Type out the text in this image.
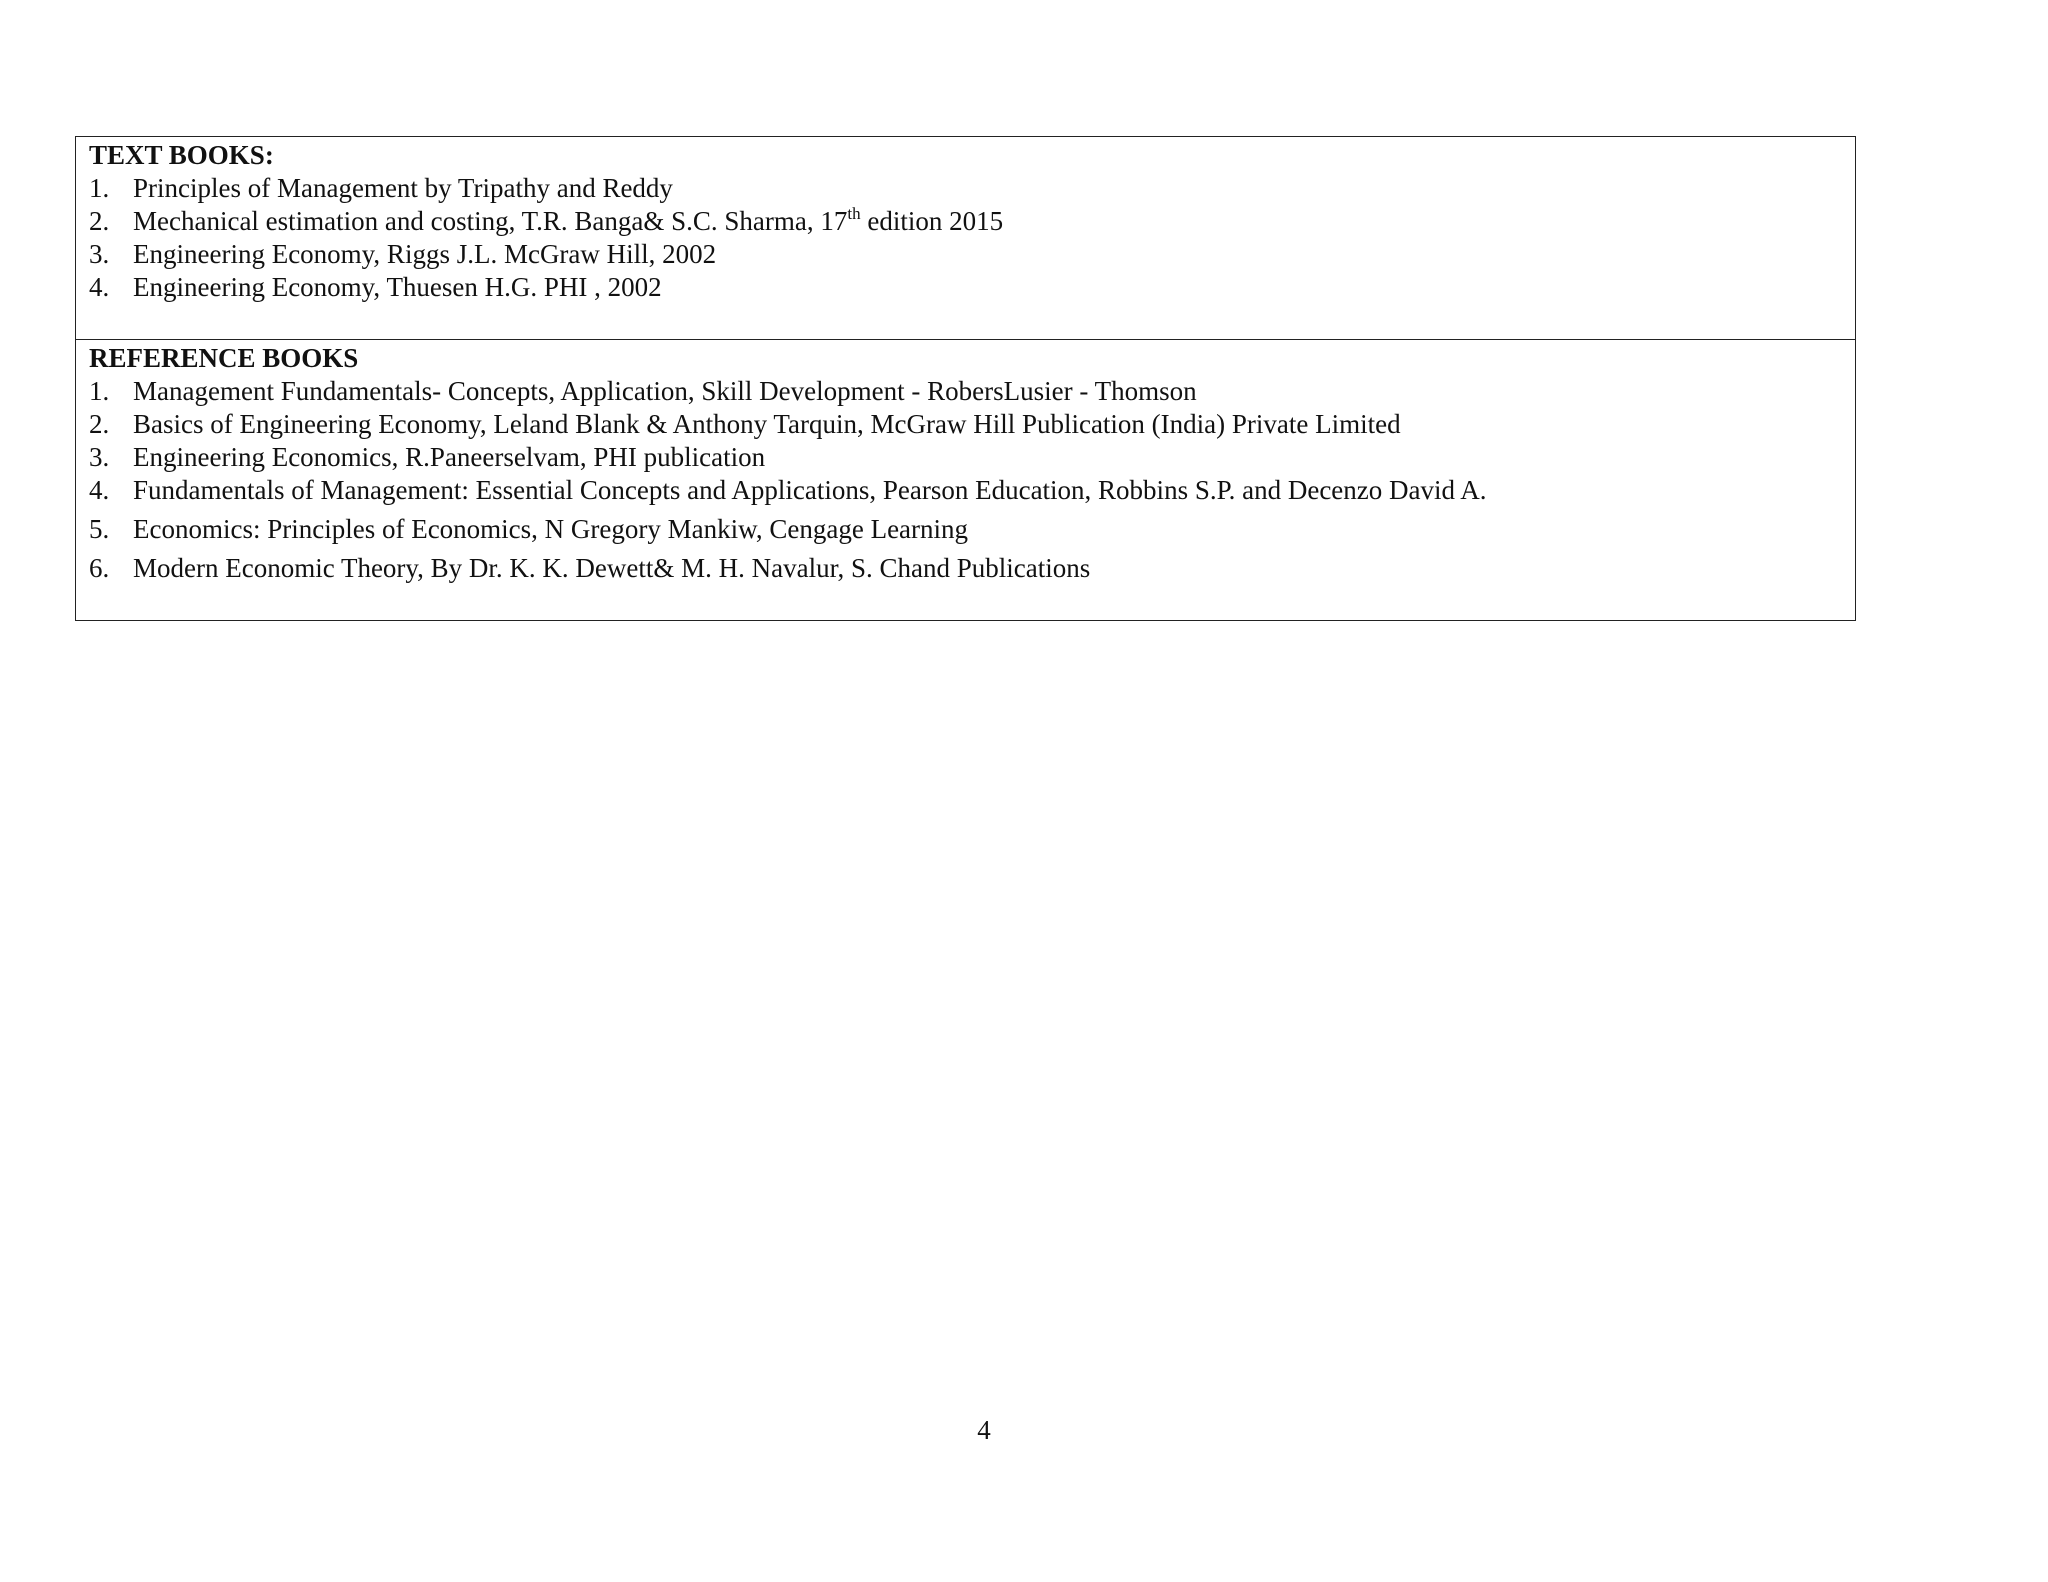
TEXT BOOKS:

1. Principles of Management by Tripathy and Reddy
2. Mechanical estimation and costing, T.R. Banga& S.C. Sharma, 17th edition 2015
3. Engineering Economy, Riggs J.L. McGraw Hill, 2002
4. Engineering Economy, Thuesen H.G. PHI , 2002

REFERENCE BOOKS

1. Management Fundamentals- Concepts, Application, Skill Development - RobersLusier - Thomson
2. Basics of Engineering Economy, Leland Blank & Anthony Tarquin, McGraw Hill Publication (India) Private Limited
3. Engineering Economics, R.Paneerselvam, PHI publication
4. Fundamentals of Management: Essential Concepts and Applications, Pearson Education, Robbins S.P. and Decenzo David A.
5. Economics: Principles of Economics, N Gregory Mankiw, Cengage Learning
6. Modern Economic Theory, By Dr. K. K. Dewett& M. H. Navalur, S. Chand Publications
4
